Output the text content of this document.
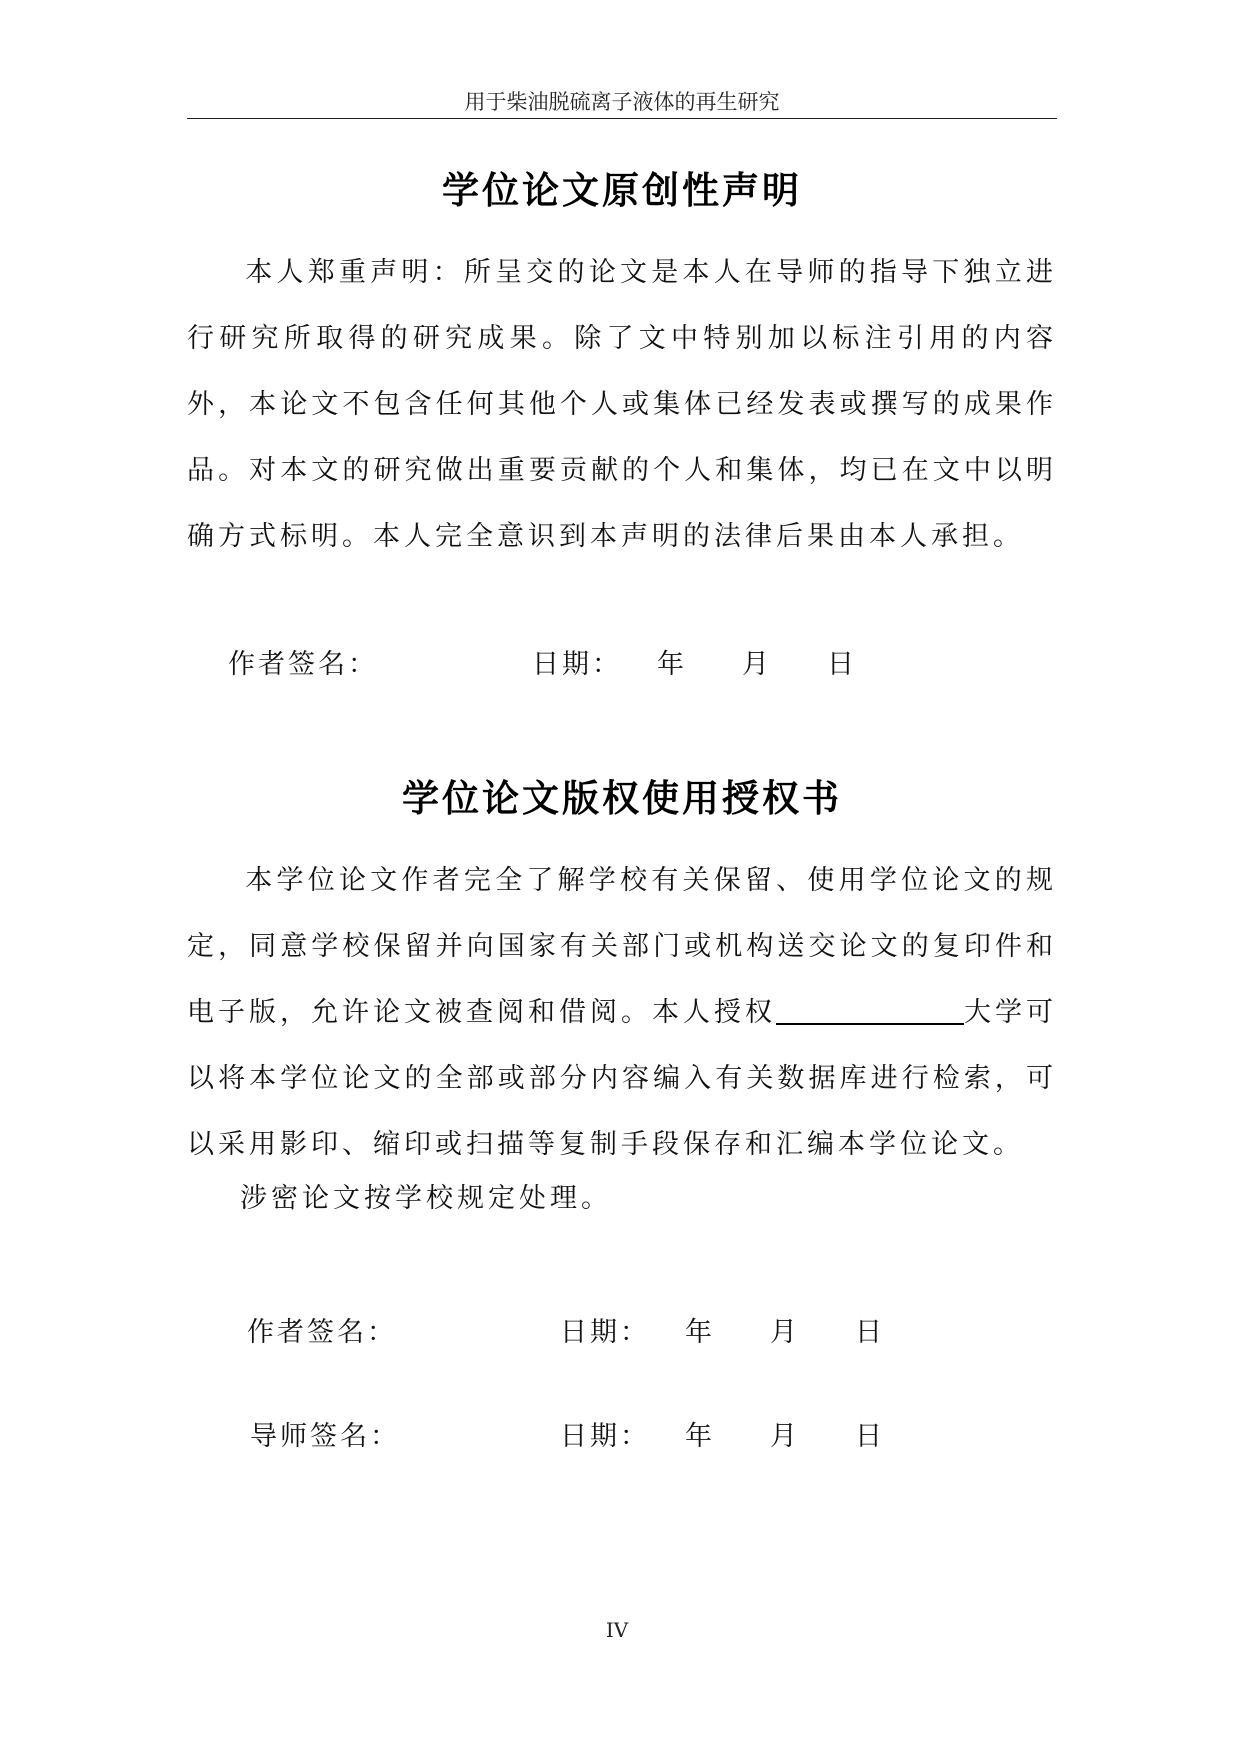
用于柴油脱硫离子液体的再生研究
学位论文原创性声明

本人郑重声明：所呈交的论文是本人在导师的指导下独立进行研究所取得的研究成果。除了文中特别加以标注引用的内容外，本论文不包含任何其他个人或集体已经发表或撰写的成果作品。对本文的研究做出重要贡献的个人和集体，均已在文中以明确方式标明。本人完全意识到本声明的法律后果由本人承担。

作者签名：	日期： 年 月 日
学位论文版权使用授权书

本学位论文作者完全了解学校有关保留、使用学位论文的规定，同意学校保留并向国家有关部门或机构送交论文的复印件和电子版，允许论文被查阅和借阅。本人授权	大学可以将本学位论文的全部或部分内容编入有关数据库进行检索，可以采用影印、缩印或扫描等复制手段保存和汇编本学位论文。

涉密论文按学校规定处理。

作者签名：	日期： 年 月 日
导师签名：	日期： 年 月 日
IV
